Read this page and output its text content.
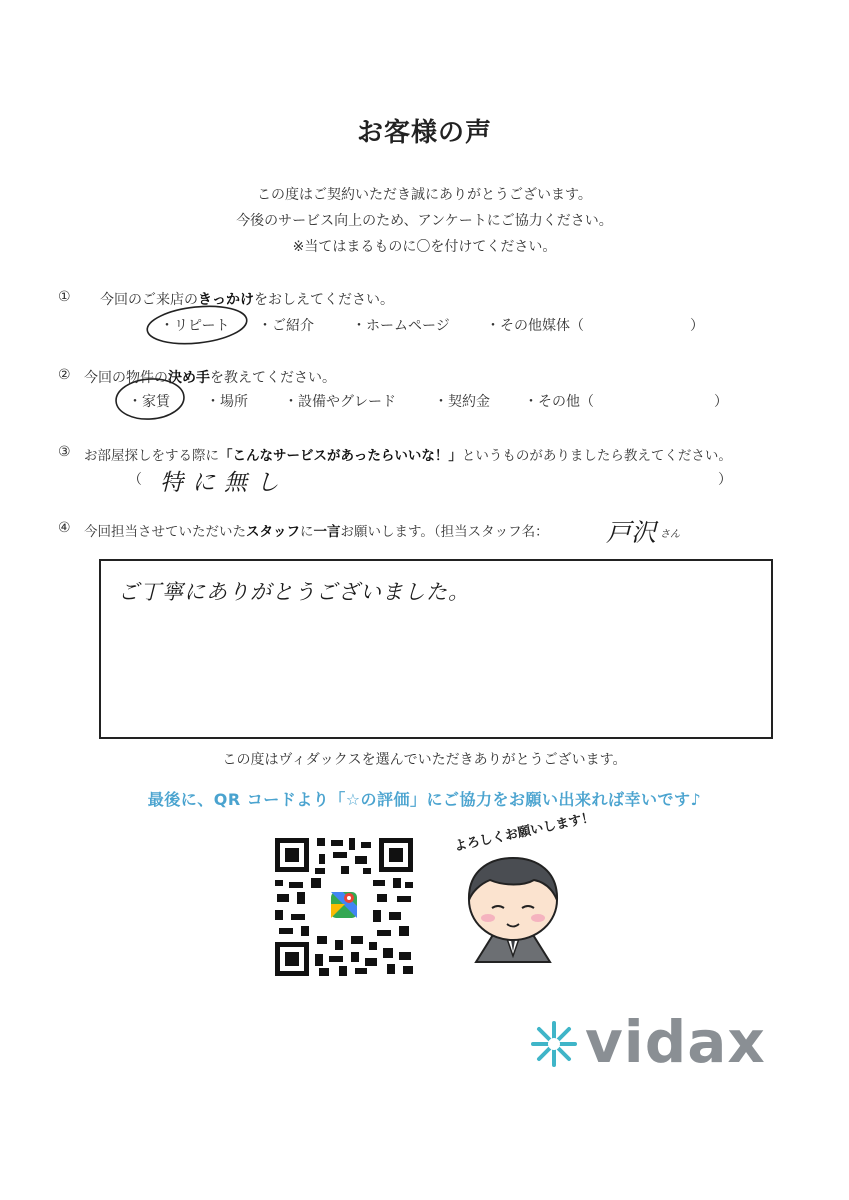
お客様の声
この度はご契約いただき誠にありがとうございます。
今後のサービス向上のため、アンケートにご協力ください。
※当てはまるものに〇を付けてください。
① 今回のご来店のきっかけをおしえてください。
・リピート ・ご紹介	・ホームページ	・その他媒体（	）
② 今回の物件の決め手を教えてください。
・家賃	・場所	・設備やグレード	・契約金 ・その他（	）
③ お部屋探しをする際に「こんなサービスがあったらいいな！」というものがありましたら教えてください。
（ 特に無し	）
④ 今回担当させていただいたスタッフに一言お願いします。（担当スタッフ名： 戸沢 さん
ご丁寧にありがとうございました。
この度はヴィダックスを選んでいただきありがとうございます。
最後に、QR コードより「☆の評価」にご協力をお願い出来れば幸いです♪
よろしくお願いします！
vidax
